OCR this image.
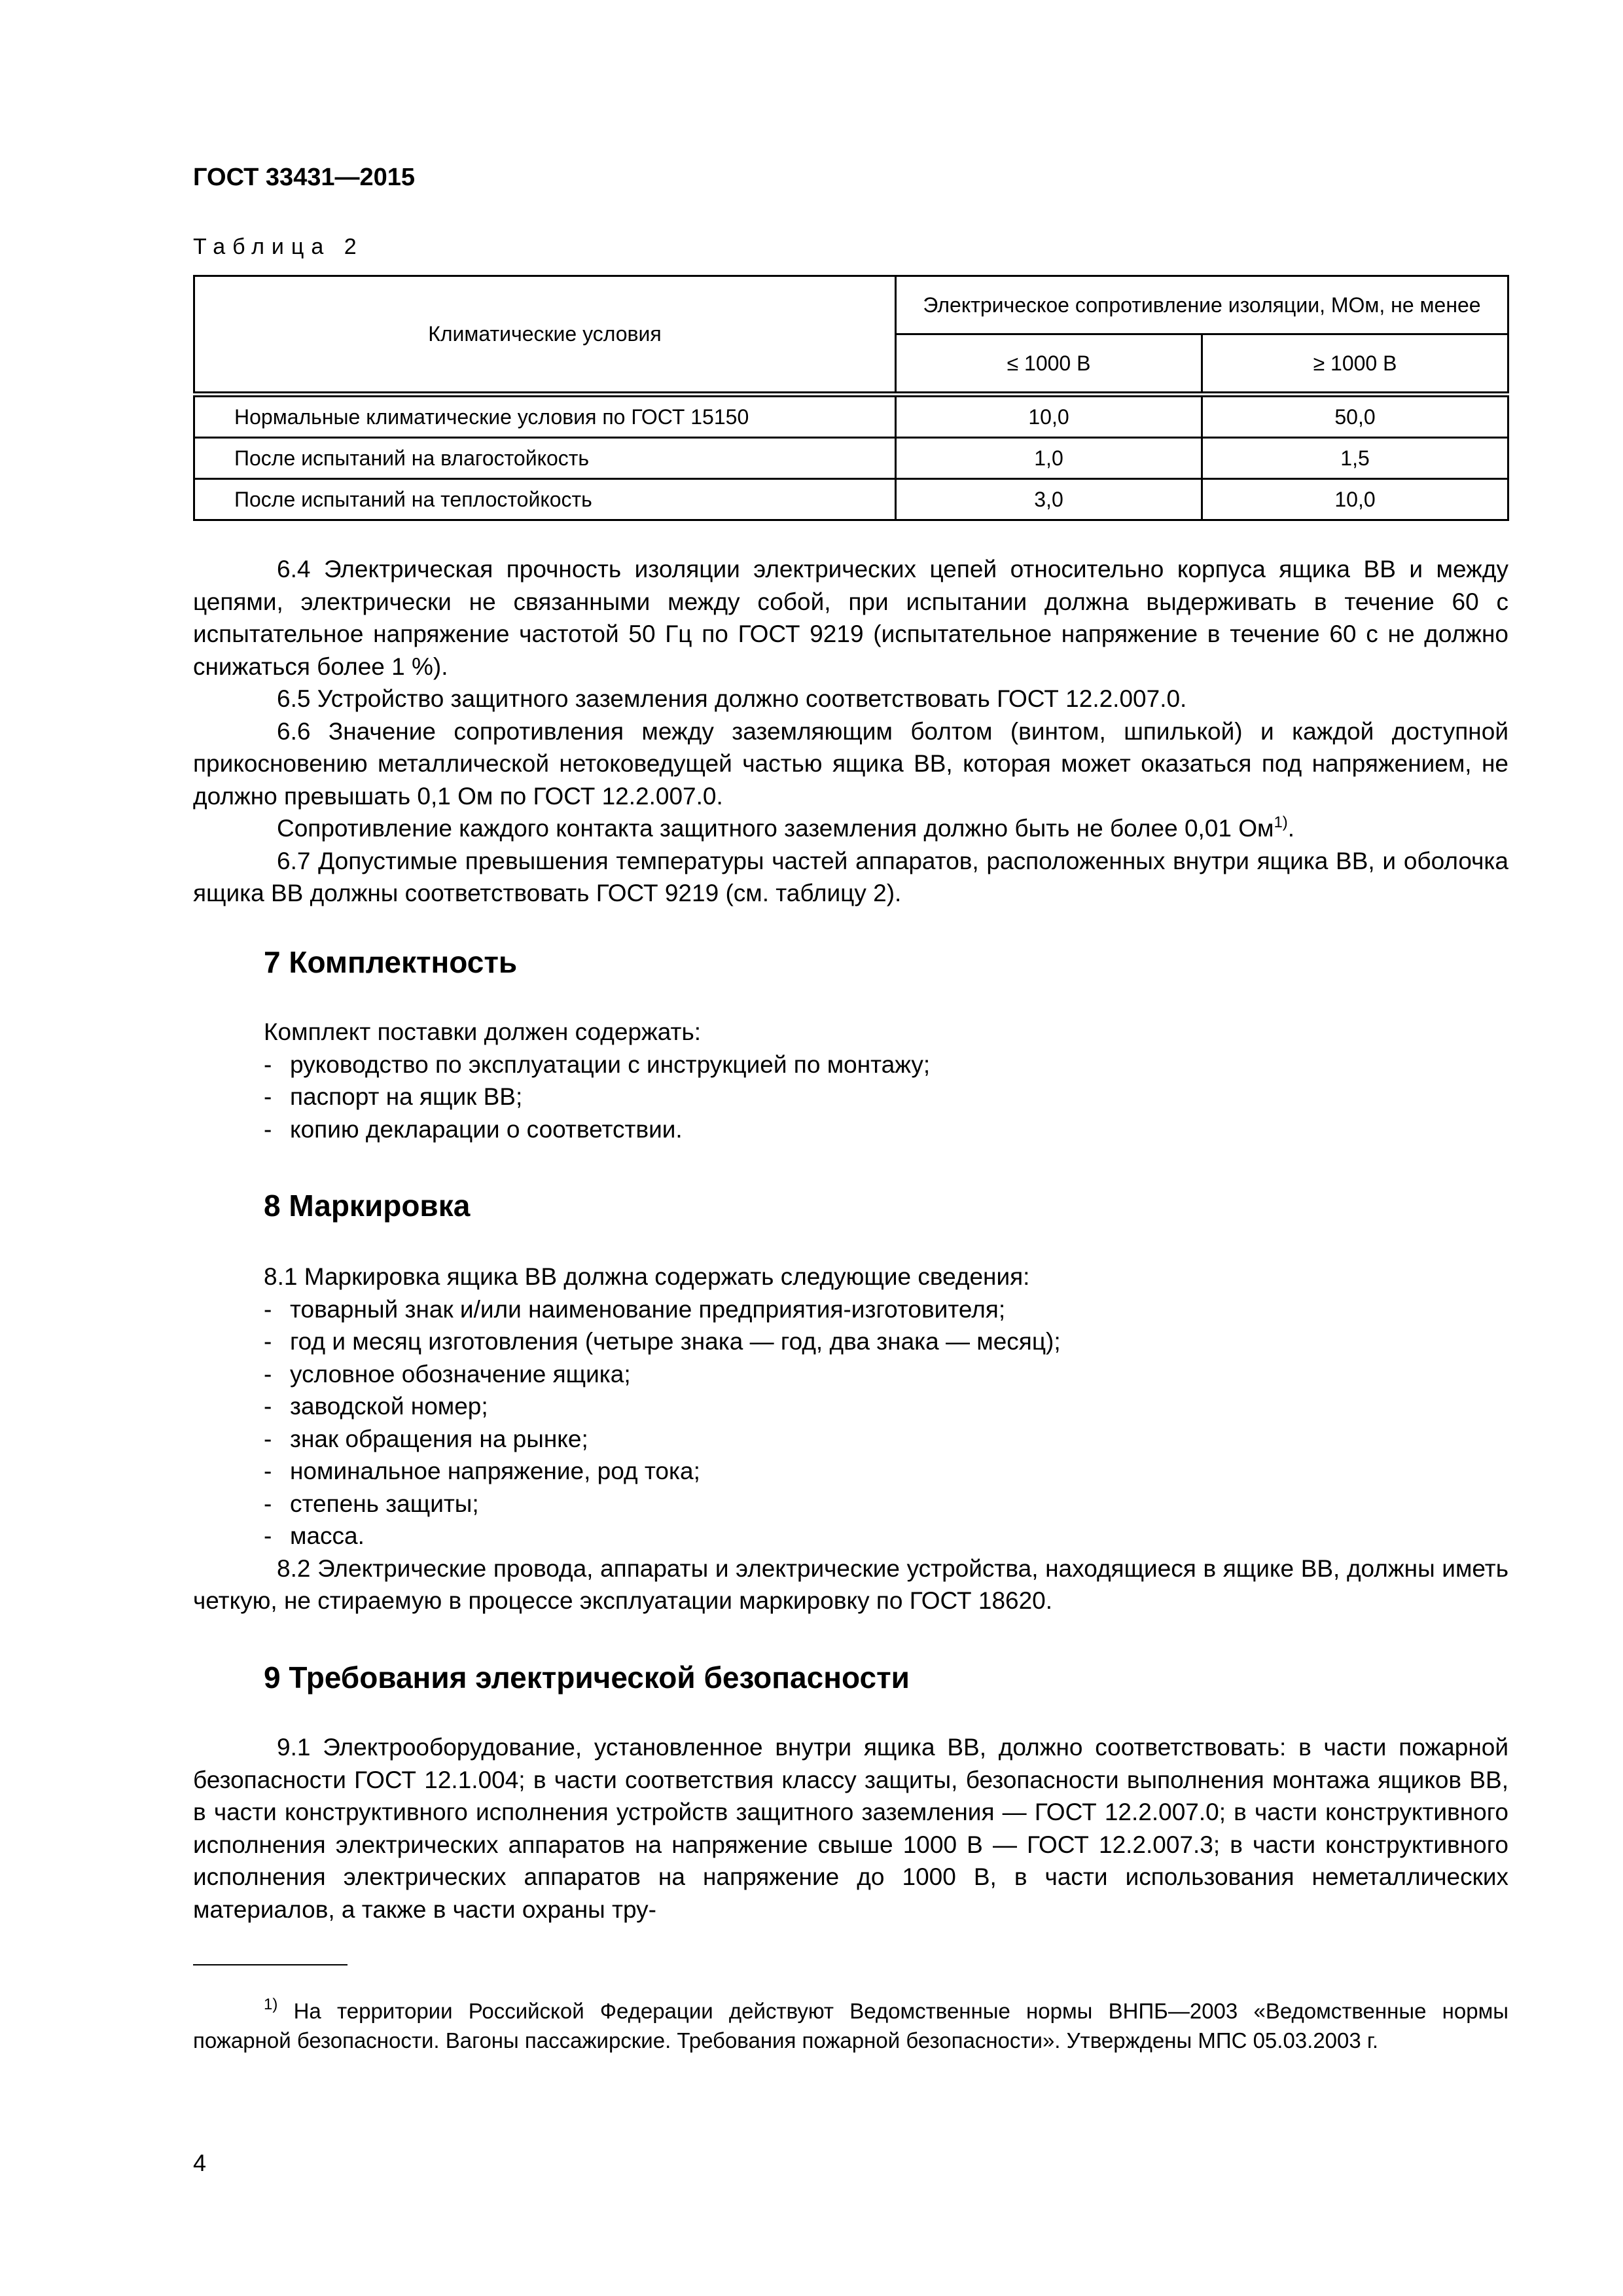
ГОСТ 33431—2015
Таблица 2
Климатические условия	Электрическое сопротивление изоляции, МОм, не менее	
	≤ 1000 В	≥ 1000 В
Нормальные климатические условия по ГОСТ 15150	10,0	50,0
После испытаний на влагостойкость	1,0	1,5
После испытаний на теплостойкость	3,0	10,0

6.4 Электрическая прочность изоляции электрических цепей относительно корпуса ящика ВВ и между цепями, электрически не связанными между собой, при испытании должна выдерживать в течение 60 с испытательное напряжение частотой 50 Гц по ГОСТ 9219 (испытательное напряжение в течение 60 с не должно снижаться более 1 %).

6.5 Устройство защитного заземления должно соответствовать ГОСТ 12.2.007.0.

6.6 Значение сопротивления между заземляющим болтом (винтом, шпилькой) и каждой доступной прикосновению металлической нетоковедущей частью ящика ВВ, которая может оказаться под напряжением, не должно превышать 0,1 Ом по ГОСТ 12.2.007.0.

Сопротивление каждого контакта защитного заземления должно быть не более 0,01 $Ом^{1)}$.

6.7 Допустимые превышения температуры частей аппаратов, расположенных внутри ящика ВВ, и оболочка ящика ВВ должны соответствовать ГОСТ 9219 (см. таблицу 2).

7 Комплектность

Комплект поставки должен содержать:

- руководство по эксплуатации с инструкцией по монтажу;

- паспорт на ящик ВВ;

- копию декларации о соответствии.

8 Маркировка

8.1 Маркировка ящика ВВ должна содержать следующие сведения:

- товарный знак и/или наименование предприятия-изготовителя;

- год и месяц изготовления (четыре знака — год, два знака — месяц);

- условное обозначение ящика;

- заводской номер;

- знак обращения на рынке;

- номинальное напряжение, род тока;

- степень защиты;

- масса.

8.2 Электрические провода, аппараты и электрические устройства, находящиеся в ящике ВВ, должны иметь четкую, не стираемую в процессе эксплуатации маркировку по ГОСТ 18620.

9 Требования электрической безопасности

9.1 Электрооборудование, установленное внутри ящика ВВ, должно соответствовать: в части пожарной безопасности ГОСТ 12.1.004; в части соответствия классу защиты, безопасности выполнения монтажа ящиков ВВ, в части конструктивного исполнения устройств защитного заземления — ГОСТ 12.2.007.0; в части конструктивного исполнения электрических аппаратов на напряжение свыше 1000 В — ГОСТ 12.2.007.3; в части конструктивного исполнения электрических аппаратов на напряжение до 1000 В, в части использования неметаллических материалов, а также в части охраны тру-

$^{1)}$ На территории Российской Федерации действуют Ведомственные нормы ВНПБ—2003 «Ведомственные нормы пожарной безопасности. Вагоны пассажирские. Требования пожарной безопасности». Утверждены МПС 05.03.2003 г.
4
